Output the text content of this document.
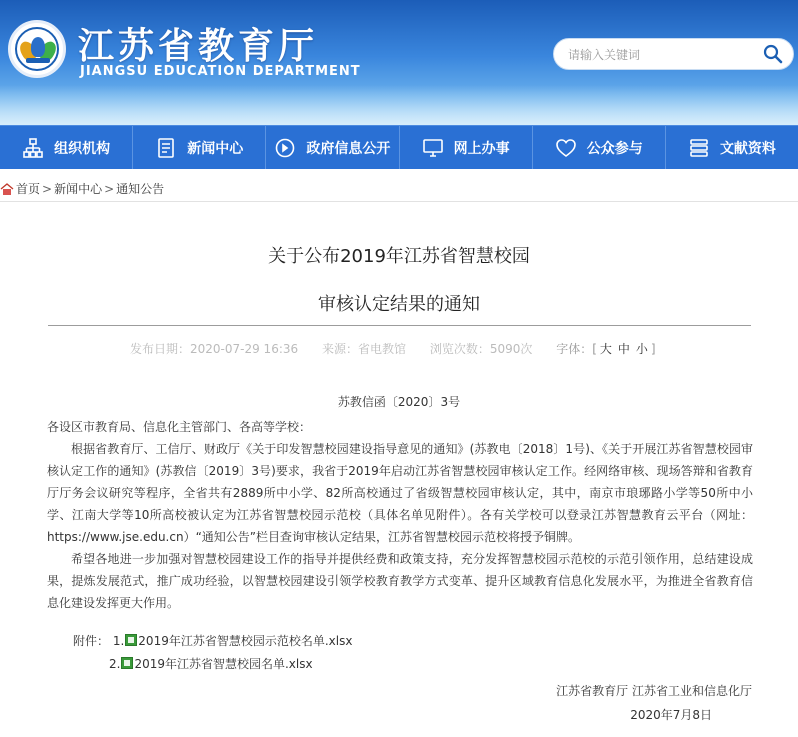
江苏省教育厅
JIANGSU EDUCATION DEPARTMENT
请输入关键词
组织机构	新闻中心	政府信息公开	网上办事	公众参与	文献资料
首页 > 新闻中心 > 通知公告
关于公布2019年江苏省智慧校园
审核认定结果的通知
发布日期：2020-07-29 16:36 来源：省电教馆 浏览次数：5090次 字体：[ 大 中 小 ]
苏教信函〔2020〕3号

各设区市教育局、信息化主管部门、各高等学校：

根据省教育厅、工信厅、财政厅《关于印发智慧校园建设指导意见的通知》(苏教电〔2018〕1号)、《关于开展江苏省智慧校园审核认定工作的通知》(苏教信〔2019〕3号)要求，我省于2019年启动江苏省智慧校园审核认定工作。经网络审核、现场答辩和省教育厅厅务会议研究等程序，全省共有2889所中小学、82所高校通过了省级智慧校园审核认定，其中，南京市琅琊路小学等50所中小学、江南大学等10所高校被认定为江苏省智慧校园示范校（具体名单见附件）。各有关学校可以登录江苏智慧教育云平台（网址：https://www.jse.edu.cn）“通知公告”栏目查询审核认定结果，江苏省智慧校园示范校将授予铜牌。

希望各地进一步加强对智慧校园建设工作的指导并提供经费和政策支持，充分发挥智慧校园示范校的示范引领作用，总结建设成果，提炼发展范式，推广成功经验，以智慧校园建设引领学校教育教学方式变革、提升区域教育信息化发展水平，为推进全省教育信息化建设发挥更大作用。

附件： 1. 2019年江苏省智慧校园示范校名单.xlsx
2. 2019年江苏省智慧校园名单.xlsx
江苏省教育厅 江苏省工业和信息化厅
2020年7月8日
